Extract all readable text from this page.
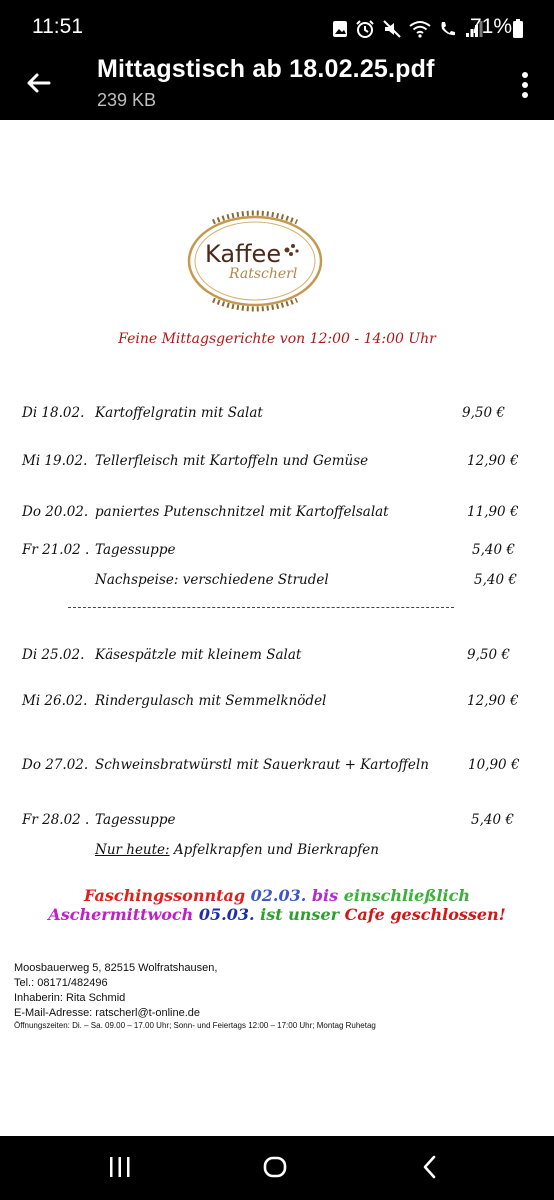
11:51	71%
Mittagstisch ab 18.02.25.pdf
239 KB
Kaffee
Ratscherl
Feine Mittagsgerichte von 12:00 - 14:00 Uhr
Di 18.02. Kartoffelgratin mit Salat	9,50 €
Mi 19.02. Tellerfleisch mit Kartoffeln und Gemüse	12,90 €
Do 20.02. paniertes Putenschnitzel mit Kartoffelsalat	11,90 €
Fr 21.02 . Tagessuppe	5,40 €
Nachspeise: verschiedene Strudel	5,40 €
Di 25.02. Käsespätzle mit kleinem Salat	9,50 €
Mi 26.02. Rindergulasch mit Semmelknödel	12,90 €
Do 27.02. Schweinsbratwürstl mit Sauerkraut + Kartoffeln	10,90 €
Fr 28.02 . Tagessuppe	5,40 €
Nur heute: Apfelkrapfen und Bierkrapfen
Faschingssonntag 02.03. bis einschließlich
Aschermittwoch 05.03. ist unser Cafe geschlossen!
Moosbauerweg 5, 82515 Wolfratshausen,
Tel.: 08171/482496
Inhaberin: Rita Schmid
E-Mail-Adresse: ratscherl@t-online.de
Öffnungszeiten: Di. – Sa. 09.00 – 17.00 Uhr; Sonn- und Feiertags 12:00 – 17:00 Uhr; Montag Ruhetag
